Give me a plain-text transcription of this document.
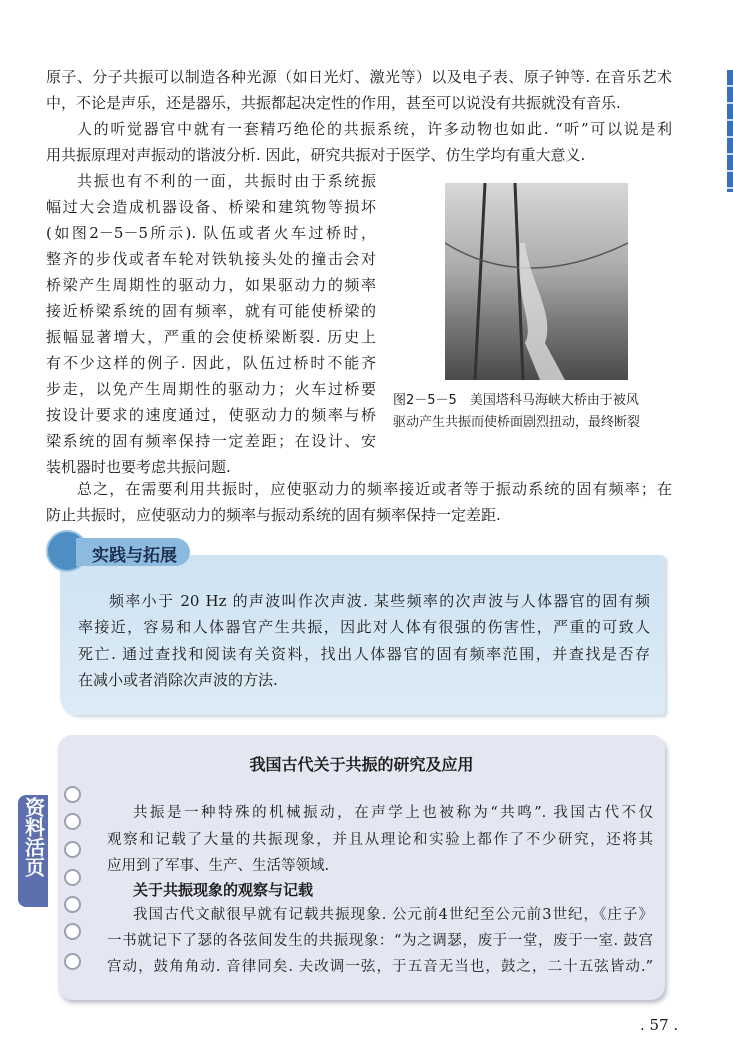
原子、分子共振可以制造各种光源（如日光灯、激光等）以及电子表、原子钟等. 在音乐艺术
中，不论是声乐，还是器乐，共振都起决定性的作用，甚至可以说没有共振就没有音乐.
人的听觉器官中就有一套精巧绝伦的共振系统，许多动物也如此. “听”可以说是利
用共振原理对声振动的谐波分析. 因此，研究共振对于医学、仿生学均有重大意义.
共振也有不利的一面，共振时由于系统振
幅过大会造成机器设备、桥梁和建筑物等损坏
(如图2－5－5所示). 队伍或者火车过桥时，
整齐的步伐或者车轮对铁轨接头处的撞击会对
桥梁产生周期性的驱动力，如果驱动力的频率
接近桥梁系统的固有频率，就有可能使桥梁的
振幅显著增大，严重的会使桥梁断裂. 历史上
有不少这样的例子. 因此，队伍过桥时不能齐
步走，以免产生周期性的驱动力；火车过桥要
按设计要求的速度通过，使驱动力的频率与桥
梁系统的固有频率保持一定差距；在设计、安
装机器时也要考虑共振问题.
图2－5－5　美国塔科马海峡大桥由于被风
驱动产生共振而使桥面剧烈扭动，最终断裂
总之，在需要利用共振时，应使驱动力的频率接近或者等于振动系统的固有频率；在
防止共振时，应使驱动力的频率与振动系统的固有频率保持一定差距.
实践与拓展
频率小于 20 Hz 的声波叫作次声波. 某些频率的次声波与人体器官的固有频
率接近，容易和人体器官产生共振，因此对人体有很强的伤害性，严重的可致人
死亡. 通过查找和阅读有关资料，找出人体器官的固有频率范围，并查找是否存
在减小或者消除次声波的方法.
资料活页
我国古代关于共振的研究及应用
共振是一种特殊的机械振动，在声学上也被称为“共鸣”. 我国古代不仅
观察和记载了大量的共振现象，并且从理论和实验上都作了不少研究，还将其
应用到了军事、生产、生活等领域.
关于共振现象的观察与记载
我国古代文献很早就有记载共振现象. 公元前4世纪至公元前3世纪，《庄子》
一书就记下了瑟的各弦间发生的共振现象：“为之调瑟，废于一堂，废于一室. 鼓宫
宫动，鼓角角动. 音律同矣. 夫改调一弦，于五音无当也，鼓之，二十五弦皆动.”
. 57 .
